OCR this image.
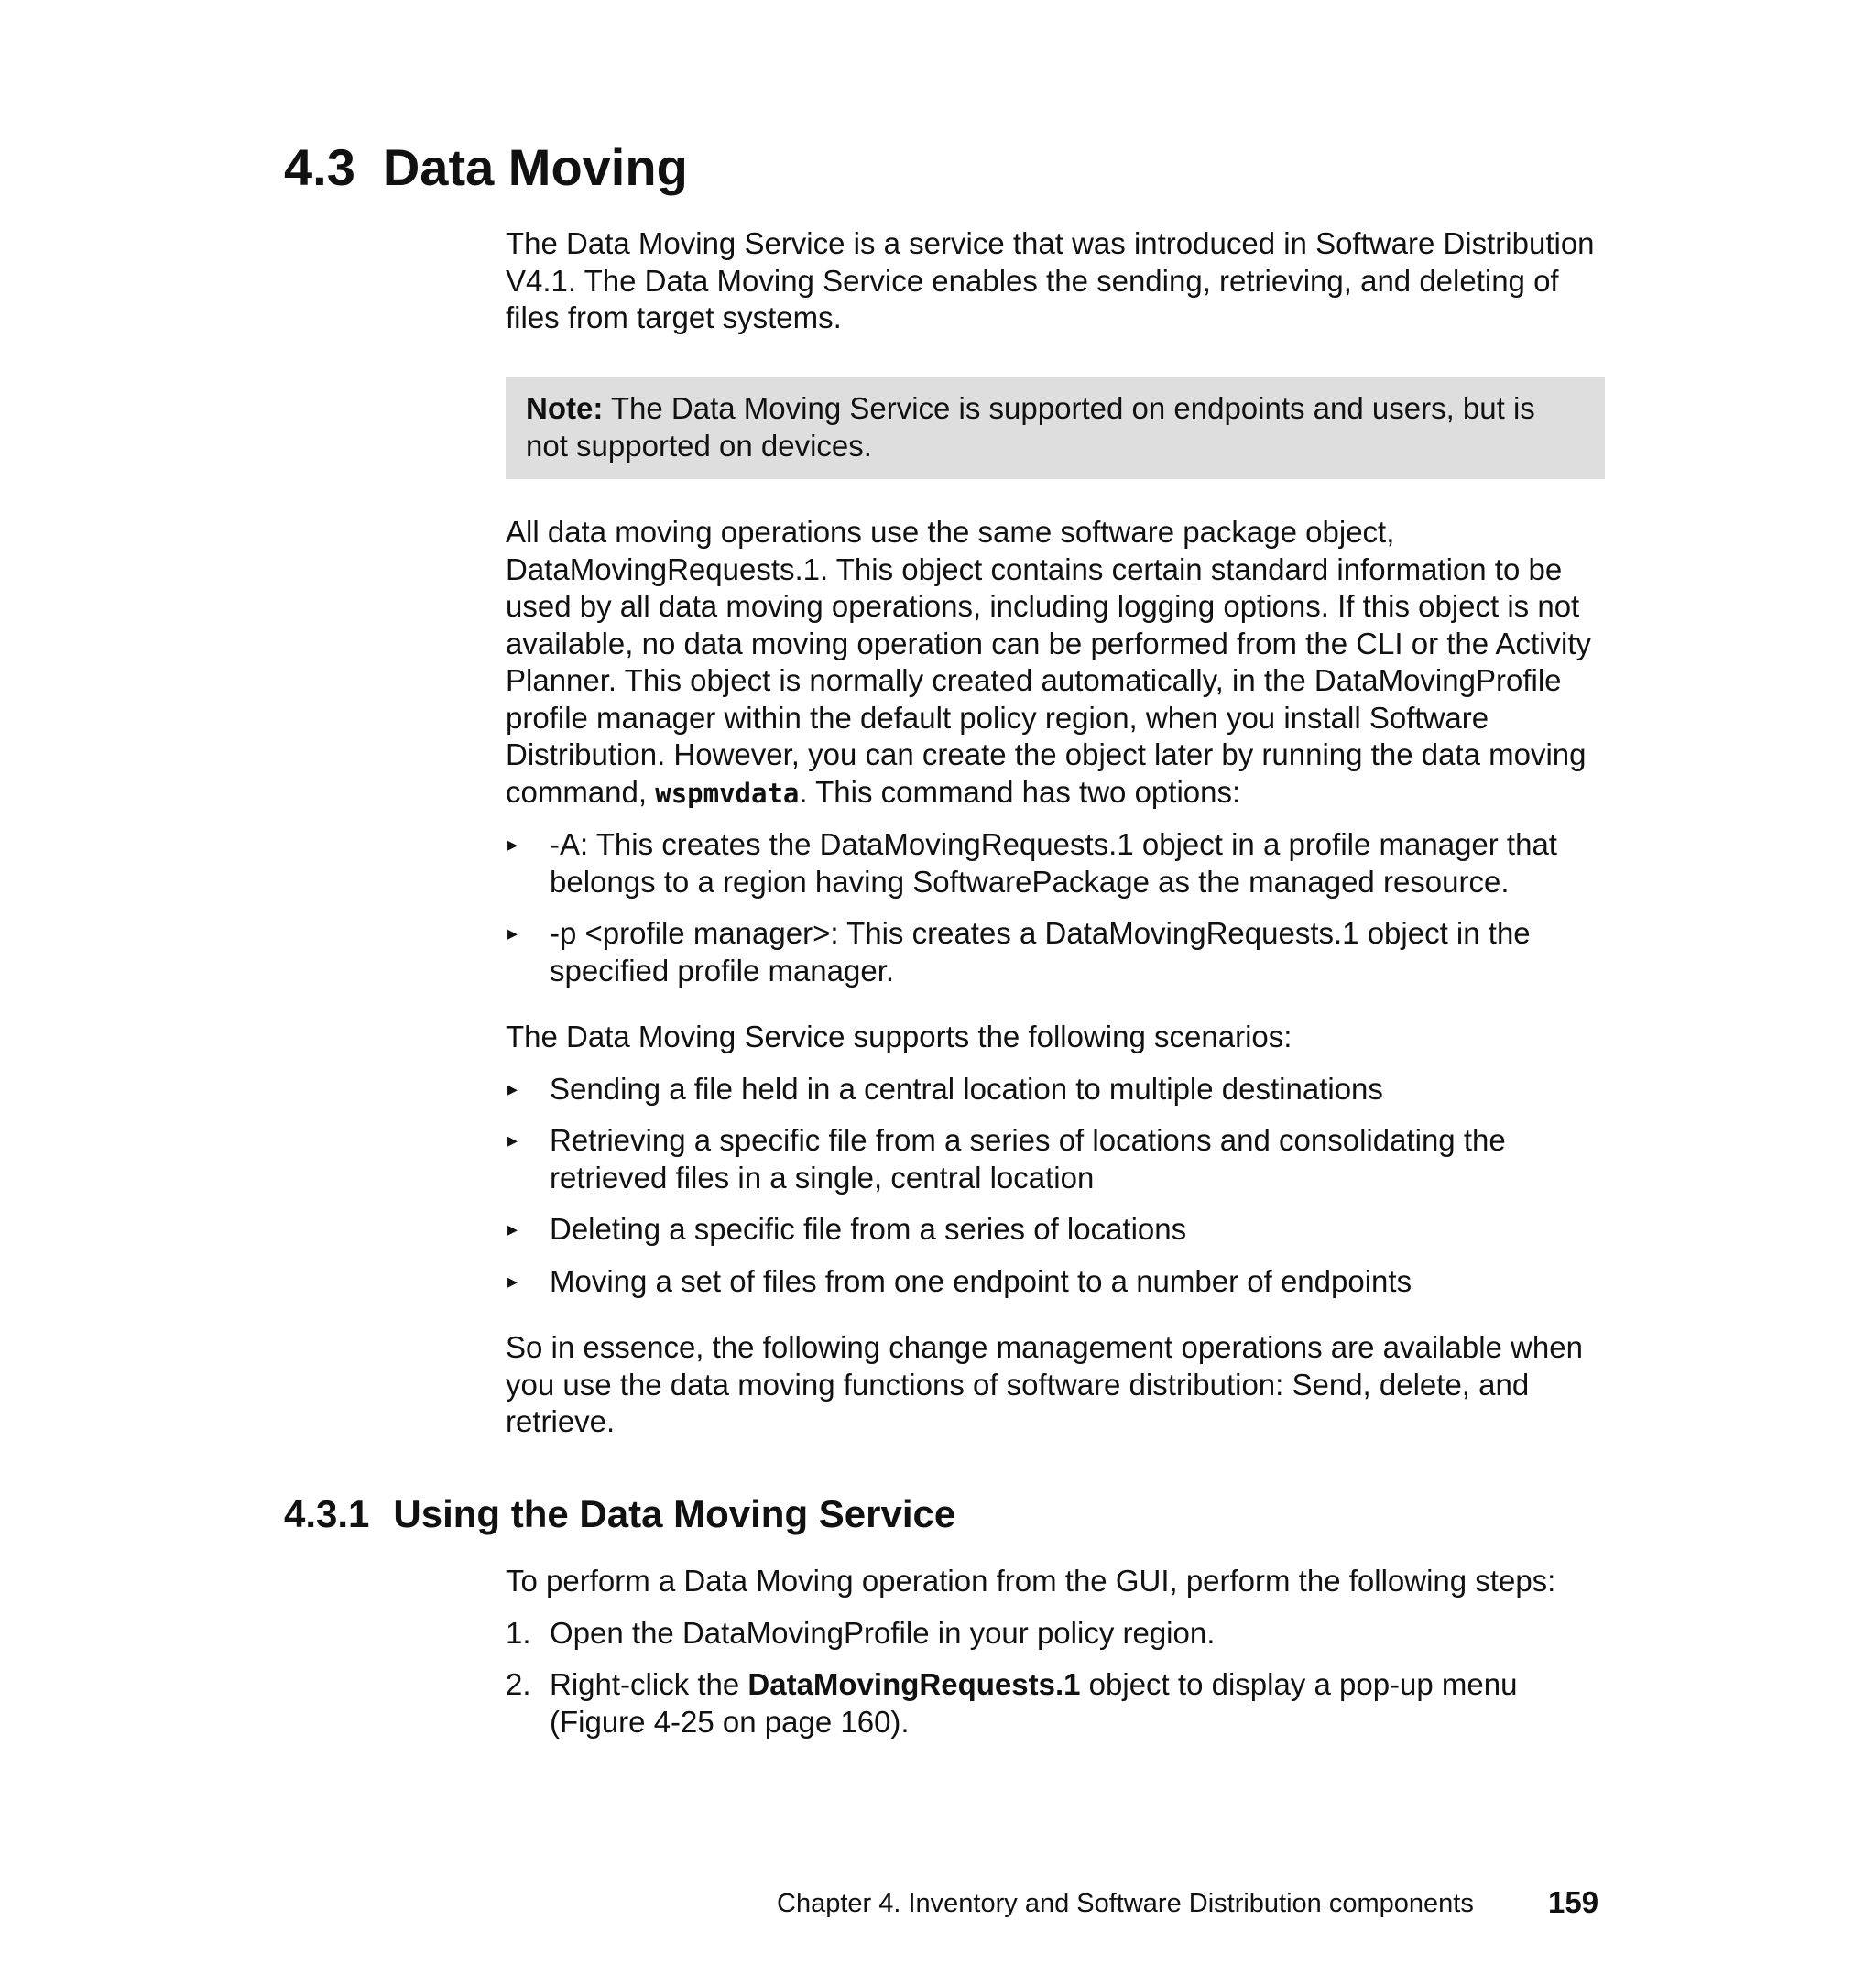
4.3 Data Moving

The Data Moving Service is a service that was introduced in Software Distribution V4.1. The Data Moving Service enables the sending, retrieving, and deleting of files from target systems.

Note: The Data Moving Service is supported on endpoints and users, but is not supported on devices.

All data moving operations use the same software package object, DataMovingRequests.1. This object contains certain standard information to be used by all data moving operations, including logging options. If this object is not available, no data moving operation can be performed from the CLI or the Activity Planner. This object is normally created automatically, in the DataMovingProfile profile manager within the default policy region, when you install Software Distribution. However, you can create the object later by running the data moving command, wspmvdata. This command has two options:

▸ -A: This creates the DataMovingRequests.1 object in a profile manager that belongs to a region having SoftwarePackage as the managed resource.
▸ -p <profile manager>: This creates a DataMovingRequests.1 object in the specified profile manager.

The Data Moving Service supports the following scenarios:

▸ Sending a file held in a central location to multiple destinations
▸ Retrieving a specific file from a series of locations and consolidating the retrieved files in a single, central location
▸ Deleting a specific file from a series of locations
▸ Moving a set of files from one endpoint to a number of endpoints

So in essence, the following change management operations are available when you use the data moving functions of software distribution: Send, delete, and retrieve.

4.3.1 Using the Data Moving Service

To perform a Data Moving operation from the GUI, perform the following steps:

1. Open the DataMovingProfile in your policy region.
2. Right-click the DataMovingRequests.1 object to display a pop-up menu (Figure 4-25 on page 160).
Chapter 4. Inventory and Software Distribution components 159
